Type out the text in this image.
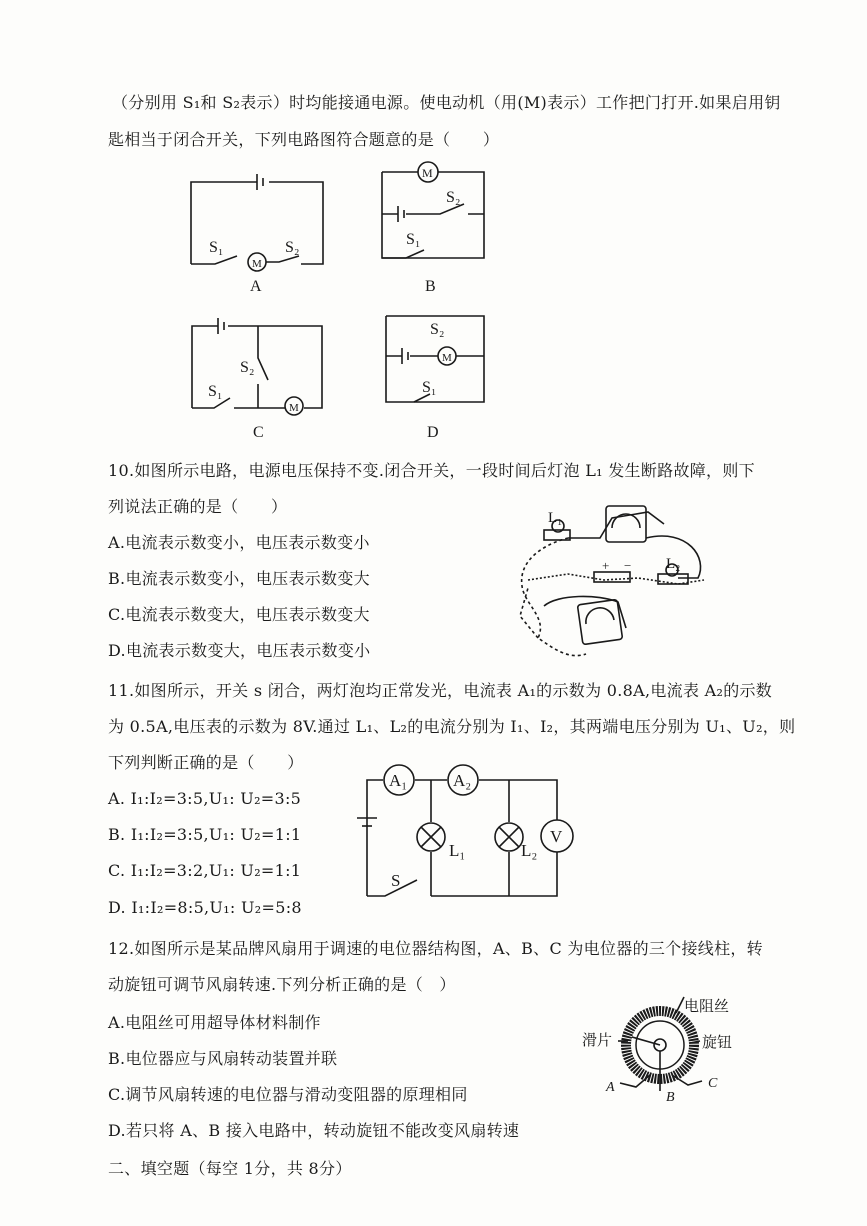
（分别用 S₁和 S₂表示）时均能接通电源。使电动机（用(M)表示）工作把门打开.如果启用钥
匙相当于闭合开关，下列电路图符合题意的是（　　）
M
S₁	S₂
A
M
S₂
S₁
B
M
S₂
S₁
C
M
S₂
S₁
D
10.如图所示电路，电源电压保持不变.闭合开关，一段时间后灯泡 L₁ 发生断路故障，则下
列说法正确的是（　　）
A.电流表示数变小，电压表示数变小
B.电流表示数变小，电压表示数变大
C.电流表示数变大，电压表示数变大
D.电流表示数变大，电压表示数变小
L₁
L₂
+ −
11.如图所示，开关 s 闭合，两灯泡均正常发光，电流表 A₁的示数为 0.8A,电流表 A₂的示数
为 0.5A,电压表的示数为 8V.通过 L₁、L₂的电流分别为 I₁、I₂，其两端电压分别为 U₁、U₂，则
下列判断正确的是（　　）
A. I₁:I₂=3:5,U₁: U₂=3:5
B. I₁:I₂=3:5,U₁: U₂=1:1
C. I₁:I₂=3:2,U₁: U₂=1:1
D. I₁:I₂=8:5,U₁: U₂=5:8
A₁	A₂
V
L₁	L₂
S
12.如图所示是某品牌风扇用于调速的电位器结构图，A、B、C 为电位器的三个接线柱，转
动旋钮可调节风扇转速.下列分析正确的是（　）
A.电阻丝可用超导体材料制作
B.电位器应与风扇转动装置并联
C.调节风扇转速的电位器与滑动变阻器的原理相同
D.若只将 A、B 接入电路中，转动旋钮不能改变风扇转速
电阻丝
滑片	旋钮
A
B
C
二、填空题（每空 1分，共 8分）
